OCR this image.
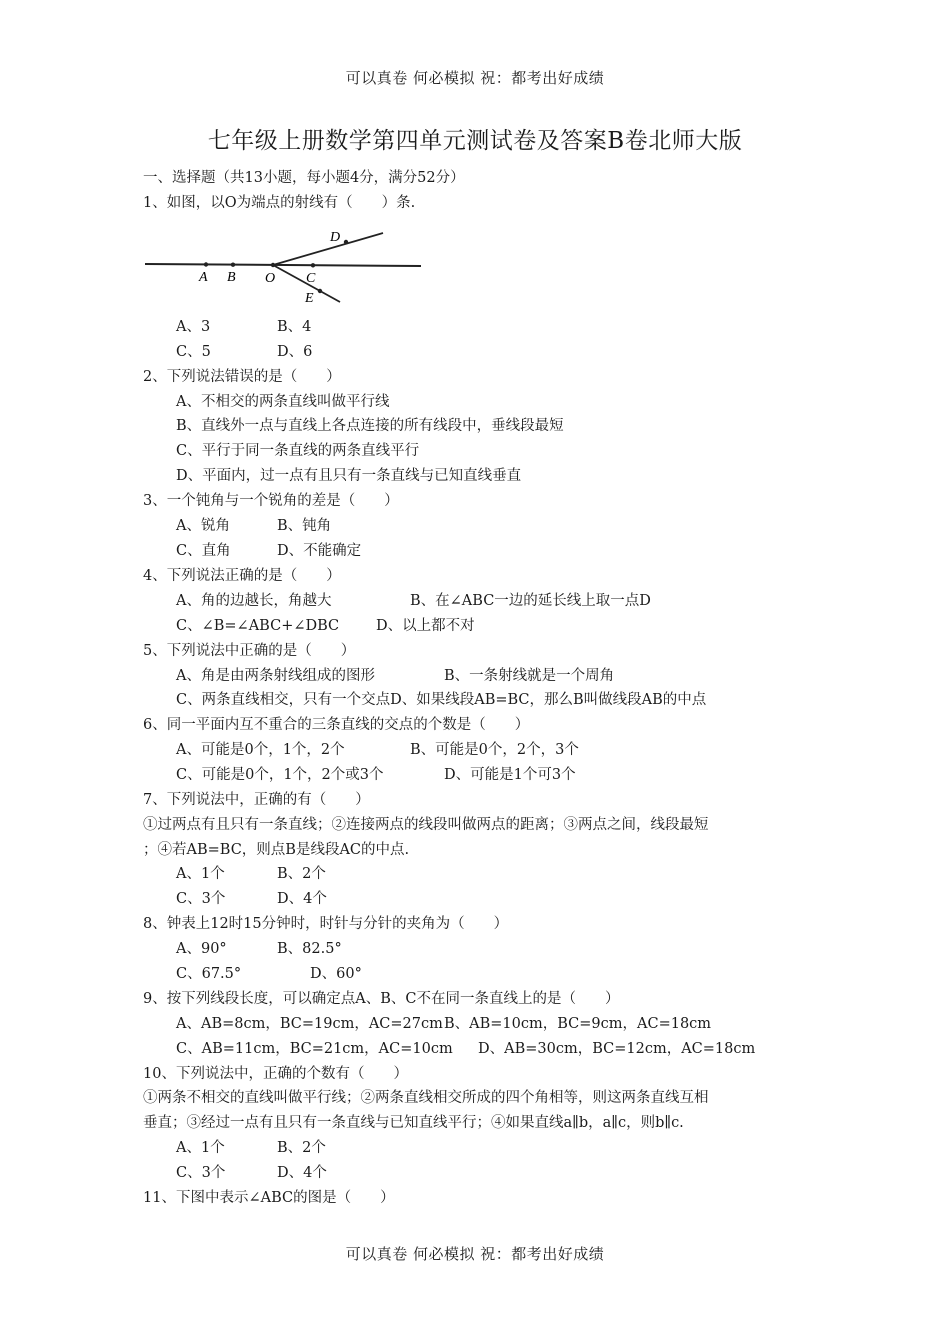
可以真卷 何必模拟 祝：都考出好成绩
七年级上册数学第四单元测试卷及答案B卷北师大版
一、选择题（共13小题，每小题4分，满分52分）
1、如图，以O为端点的射线有（　　）条.
D
A B O C
E
A、3	B、4
C、5	D、6
2、下列说法错误的是（　　）
A、不相交的两条直线叫做平行线
B、直线外一点与直线上各点连接的所有线段中，垂线段最短
C、平行于同一条直线的两条直线平行
D、平面内，过一点有且只有一条直线与已知直线垂直
3、一个钝角与一个锐角的差是（　　）
A、锐角	B、钝角
C、直角	D、不能确定
4、下列说法正确的是（　　）
A、角的边越长，角越大	B、在∠ABC一边的延长线上取一点D
C、∠B=∠ABC+∠DBC	D、以上都不对
5、下列说法中正确的是（　　）
A、角是由两条射线组成的图形	B、一条射线就是一个周角
C、两条直线相交，只有一个交点D、如果线段AB=BC，那么B叫做线段AB的中点
6、同一平面内互不重合的三条直线的交点的个数是（　　）
A、可能是0个，1个，2个	B、可能是0个，2个，3个
C、可能是0个，1个，2个或3个	D、可能是1个可3个
7、下列说法中，正确的有（　　）
①过两点有且只有一条直线；②连接两点的线段叫做两点的距离；③两点之间，线段最短
；④若AB=BC，则点B是线段AC的中点.
A、1个	B、2个
C、3个	D、4个
8、钟表上12时15分钟时，时针与分针的夹角为（　　）
A、90°	B、82.5°
C、67.5°	D、60°
9、按下列线段长度，可以确定点A、B、C不在同一条直线上的是（　　）
A、AB=8cm，BC=19cm，AC=27cm B、AB=10cm，BC=9cm，AC=18cm
C、AB=11cm，BC=21cm，AC=10cm D、AB=30cm，BC=12cm，AC=18cm
10、下列说法中，正确的个数有（　　）
①两条不相交的直线叫做平行线；②两条直线相交所成的四个角相等，则这两条直线互相
垂直；③经过一点有且只有一条直线与已知直线平行；④如果直线a∥b，a∥c，则b∥c.
A、1个	B、2个
C、3个	D、4个
11、下图中表示∠ABC的图是（　　）
可以真卷 何必模拟 祝：都考出好成绩
